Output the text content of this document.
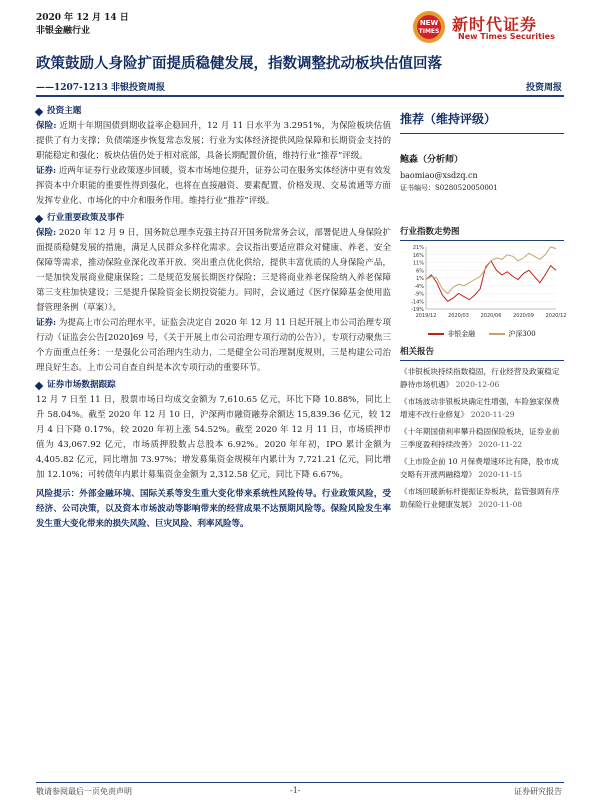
2020 年 12 月 14 日
非银金融行业
NEW
TIMES 新时代证券
New Times Securities
政策鼓励人身险扩面提质稳健发展，指数调整扰动板块估值回落
——1207-1213 非银投资周报	投资周报
投资主题

保险: 近期十年期国债到期收益率企稳回升，12 月 11 日水平为 3.2951%，为保险板块估值提供了有力支撑；负债端逐步恢复常态发展；行业为实体经济提供风险保障和长期资金支持的职能稳定和强化；板块估值仍处于相对底部，具备长期配置价值，维持行业“推荐”评级。

证券: 近两年证券行业政策逐步回暖，资本市场地位提升，证券公司在服务实体经济中更有效发挥资本中介职能的重要性得到强化，也将在直接融资、要素配置、价格发现、交易流通等方面发挥专业化、市场化的中介和服务作用。维持行业“推荐”评级。

行业重要政策及事件

保险: 2020 年 12 月 9 日，国务院总理李克强主持召开国务院常务会议，部署促进人身保险扩面提质稳健发展的措施，满足人民群众多样化需求。会议指出要适应群众对健康、养老、安全保障等需求，推动保险业深化改革开放、突出重点优化供给，提供丰富优质的人身保险产品，一是加快发展商业健康保险；二是规范发展长期医疗保险；三是将商业养老保险纳入养老保障第三支柱加快建设；三是提升保险资金长期投资能力。同时，会议通过《医疗保障基金使用监督管理条例（草案）》。

证券: 为提高上市公司治理水平，证监会决定自 2020 年 12 月 11 日起开展上市公司治理专项行动（证监会公告[2020]69 号，《关于开展上市公司治理专项行动的公告》），专项行动聚焦三个方面重点任务：一是强化公司治理内生动力，二是健全公司治理制度规则，三是构建公司治理良好生态。上市公司自查自纠是本次专项行动的重要环节。

证券市场数据跟踪

12 月 7 日至 11 日，股票市场日均成交金额为 7,610.65 亿元，环比下降 10.88%，同比上升 58.04%。截至 2020 年 12 月 10 日，沪深两市融资融券余额达 15,839.36 亿元，较 12 月 4 日下降 0.17%，较 2020 年初上涨 54.52%。截至 2020 年 12 月 11 日，市场质押市值为 43,067.92 亿元，市场质押股数占总股本 6.92%。2020 年年初，IPO 累计金额为 4,405.82 亿元，同比增加 73.97%；增发募集资金规模年内累计为 7,721.21 亿元，同比增加 12.10%；可转债年内累计募集资金金额为 2,312.58 亿元，同比下降 6.67%。

风险提示：外部金融环境、国际关系等发生重大变化带来系统性风险传导。行业政策风险，受经济、公司决策，以及资本市场波动等影响带来的经营成果不达预期风险等。保险风险发生率发生重大变化带来的损失风险、巨灾风险、利率风险等。

推荐（维持评级）
鲍淼（分析师）
baomiao@xsdzq.cn
证书编号：S0280520050001
行业指数走势图
21%
16%
11%
6%
1%
-4%
-9%
-14%
-19%
2019/12 2020/03 2020/06 2020/09 2020/12
非银金融	沪深300
相关报告
《非银板块持续指数稳固，行业经营及政策稳定静待市场机遇》 2020-12-06
《市场波动非银板块确定性增强，车险独家保费增速不改行业修复》 2020-11-29
《十年期国债利率攀升稳固保险板块，证券业前三季度盈利持续改善》 2020-11-22
《上市险企前 10 月保费增速环比有降，股市成交略有开涨两融稳增》 2020-11-15
《市场回暖新标杆提振证券板块，监管强调有序助保险行业健康发展》 2020-11-08
敬请参阅最后一页免责声明	-1-	证券研究报告
